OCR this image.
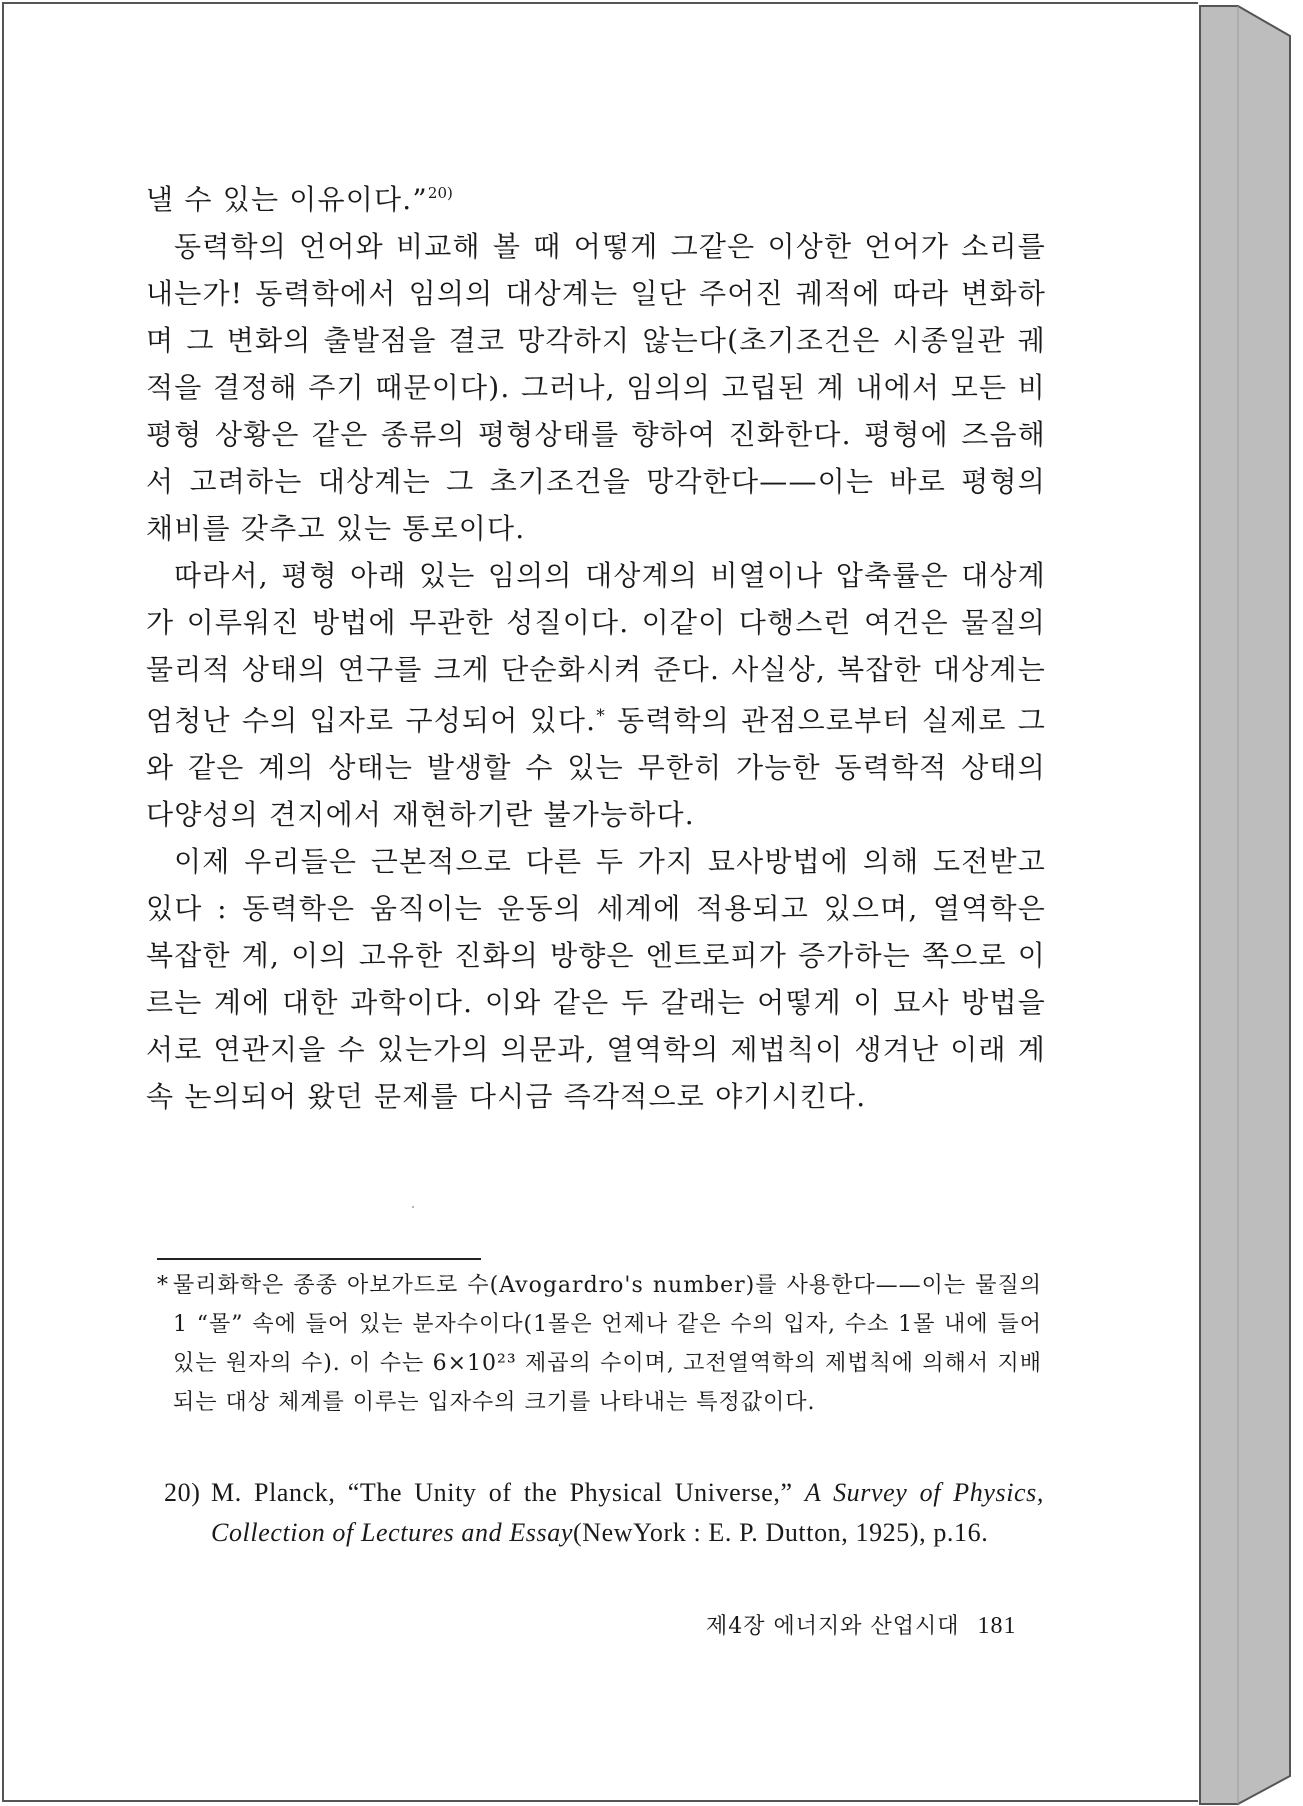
낼 수 있는 이유이다.”$^{20)}$

동력학의 언어와 비교해 볼 때 어떻게 그같은 이상한 언어가 소리를 내는가! 동력학에서 임의의 대상계는 일단 주어진 궤적에 따라 변화하며 그 변화의 출발점을 결코 망각하지 않는다(초기조건은 시종일관 궤적을 결정해 주기 때문이다). 그러나, 임의의 고립된 계 내에서 모든 비평형 상황은 같은 종류의 평형상태를 향하여 진화한다. 평형에 즈음해서 고려하는 대상계는 그 초기조건을 망각한다——이는 바로 평형의 채비를 갖추고 있는 통로이다.

따라서, 평형 아래 있는 임의의 대상계의 비열이나 압축률은 대상계가 이루워진 방법에 무관한 성질이다. 이같이 다행스런 여건은 물질의 물리적 상태의 연구를 크게 단순화시켜 준다. 사실상, 복잡한 대상계는 엄청난 수의 입자로 구성되어 있다.* 동력학의 관점으로부터 실제로 그와 같은 계의 상태는 발생할 수 있는 무한히 가능한 동력학적 상태의 다양성의 견지에서 재현하기란 불가능하다.

이제 우리들은 근본적으로 다른 두 가지 묘사방법에 의해 도전받고 있다 : 동력학은 움직이는 운동의 세계에 적용되고 있으며, 열역학은 복잡한 계, 이의 고유한 진화의 방향은 엔트로피가 증가하는 쪽으로 이르는 계에 대한 과학이다. 이와 같은 두 갈래는 어떻게 이 묘사 방법을 서로 연관지을 수 있는가의 의문과, 열역학의 제법칙이 생겨난 이래 계속 논의되어 왔던 문제를 다시금 즉각적으로 야기시킨다.

* 물리화학은 종종 아보가드로 수(Avogardro's number)를 사용한다——이는 물질의 1 “몰” 속에 들어 있는 분자수이다(1몰은 언제나 같은 수의 입자, 수소 1몰 내에 들어 있는 원자의 수). 이 수는 6×10²³ 제곱의 수이며, 고전열역학의 제법칙에 의해서 지배되는 대상 체계를 이루는 입자수의 크기를 나타내는 특정값이다.
20) M. Planck, “The Unity of the Physical Universe,” A Survey of Physics, Collection of Lectures and Essay(NewYork : E. P. Dutton, 1925), p.16.
제4장 에너지와 산업시대 181
